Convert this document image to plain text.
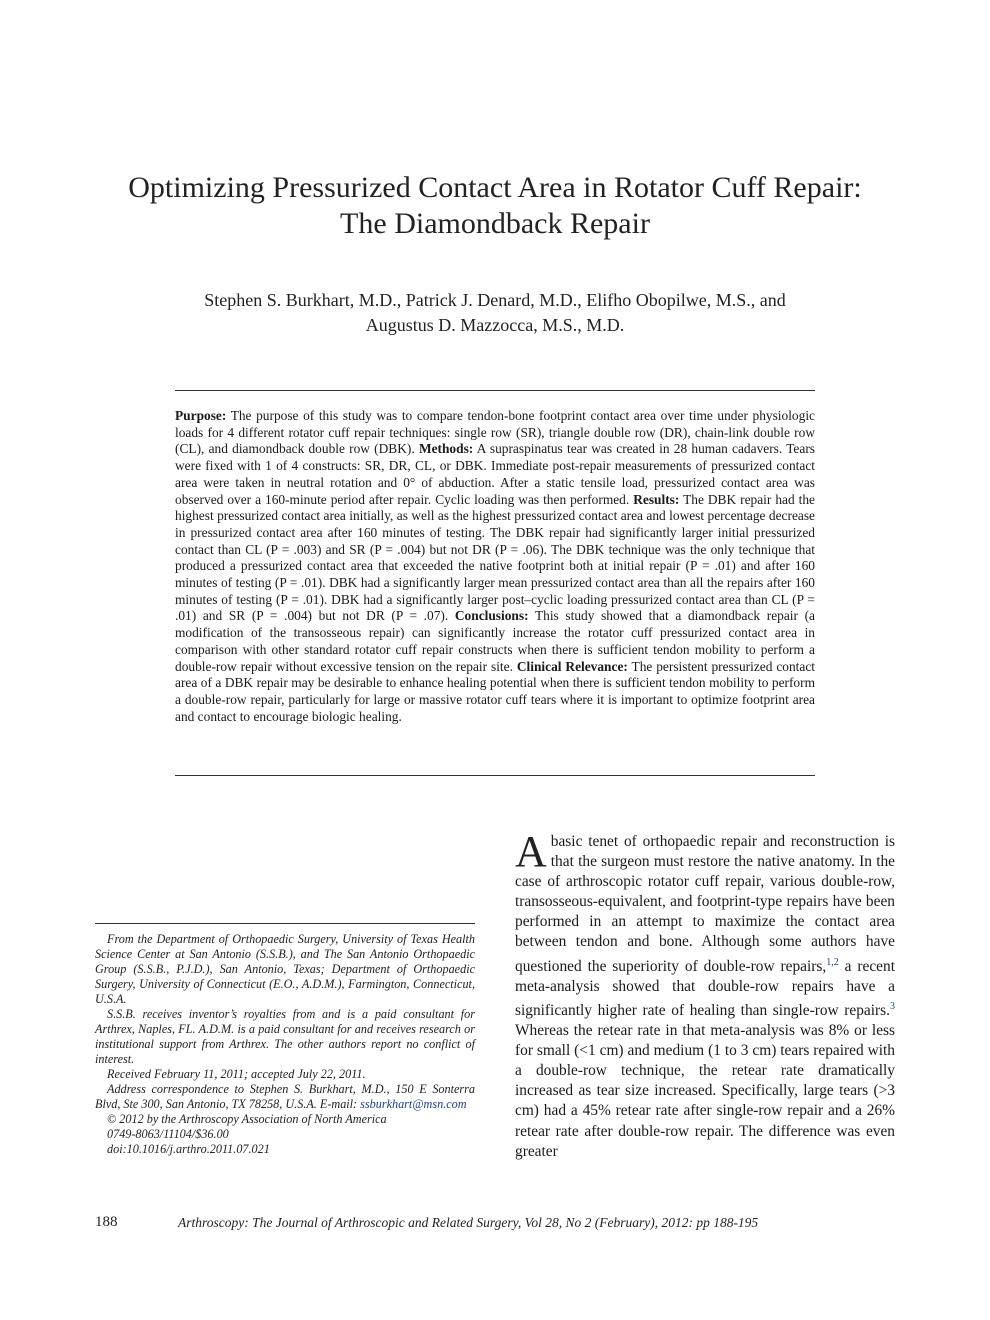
Optimizing Pressurized Contact Area in Rotator Cuff Repair:
The Diamondback Repair
Stephen S. Burkhart, M.D., Patrick J. Denard, M.D., Elifho Obopilwe, M.S., and
Augustus D. Mazzocca, M.S., M.D.
Purpose: The purpose of this study was to compare tendon-bone footprint contact area over time under physiologic loads for 4 different rotator cuff repair techniques: single row (SR), triangle double row (DR), chain-link double row (CL), and diamondback double row (DBK). Methods: A supraspinatus tear was created in 28 human cadavers. Tears were fixed with 1 of 4 constructs: SR, DR, CL, or DBK. Immediate post-repair measurements of pressurized contact area were taken in neutral rotation and 0° of abduction. After a static tensile load, pressurized contact area was observed over a 160-minute period after repair. Cyclic loading was then performed. Results: The DBK repair had the highest pressurized contact area initially, as well as the highest pressurized contact area and lowest percentage decrease in pressurized contact area after 160 minutes of testing. The DBK repair had significantly larger initial pressurized contact than CL (P = .003) and SR (P = .004) but not DR (P = .06). The DBK technique was the only technique that produced a pressurized contact area that exceeded the native footprint both at initial repair (P = .01) and after 160 minutes of testing (P = .01). DBK had a significantly larger mean pressurized contact area than all the repairs after 160 minutes of testing (P = .01). DBK had a significantly larger post–cyclic loading pressurized contact area than CL (P = .01) and SR (P = .004) but not DR (P = .07). Conclusions: This study showed that a diamondback repair (a modification of the transosseous repair) can significantly increase the rotator cuff pressurized contact area in comparison with other standard rotator cuff repair constructs when there is sufficient tendon mobility to perform a double-row repair without excessive tension on the repair site. Clinical Relevance: The persistent pressurized contact area of a DBK repair may be desirable to enhance healing potential when there is sufficient tendon mobility to perform a double-row repair, particularly for large or massive rotator cuff tears where it is important to optimize footprint area and contact to encourage biologic healing.

From the Department of Orthopaedic Surgery, University of Texas Health Science Center at San Antonio (S.S.B.), and The San Antonio Orthopaedic Group (S.S.B., P.J.D.), San Antonio, Texas; Department of Orthopaedic Surgery, University of Connecticut (E.O., A.D.M.), Farmington, Connecticut, U.S.A.

S.S.B. receives inventor’s royalties from and is a paid consultant for Arthrex, Naples, FL. A.D.M. is a paid consultant for and receives research or institutional support from Arthrex. The other authors report no conflict of interest.

Received February 11, 2011; accepted July 22, 2011.

Address correspondence to Stephen S. Burkhart, M.D., 150 E Sonterra Blvd, Ste 300, San Antonio, TX 78258, U.S.A. E-mail: ssburkhart@msn.com

© 2012 by the Arthroscopy Association of North America

0749-8063/11104/$36.00

doi:10.1016/j.arthro.2011.07.021

A basic tenet of orthopaedic repair and reconstruction is that the surgeon must restore the native anatomy. In the case of arthroscopic rotator cuff repair, various double-row, transosseous-equivalent, and footprint-type repairs have been performed in an attempt to maximize the contact area between tendon and bone. Although some authors have questioned the superiority of double-row repairs,$^{1,2}$ a recent meta-analysis showed that double-row repairs have a significantly higher rate of healing than single-row repairs.$^3$ Whereas the retear rate in that meta-analysis was 8% or less for small (<1 cm) and medium (1 to 3 cm) tears repaired with a double-row technique, the retear rate dramatically increased as tear size increased. Specifically, large tears (>3 cm) had a 45% retear rate after single-row repair and a 26% retear rate after double-row repair. The difference was even greater
188	Arthroscopy: The Journal of Arthroscopic and Related Surgery, Vol 28, No 2 (February), 2012: pp 188-195
